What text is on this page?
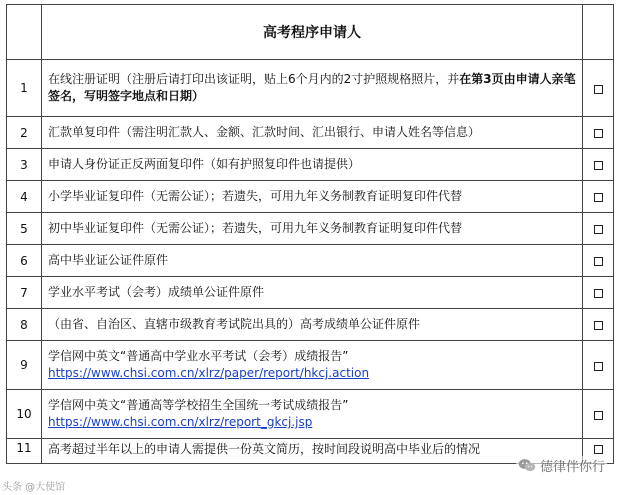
	高考程序申请人	
1	在线注册证明（注册后请打印出该证明，贴上6个月内的2寸护照规格照片，并在第3页由申请人亲笔签名，写明签字地点和日期）	
2	汇款单复印件（需注明汇款人、金额、汇款时间、汇出银行、申请人姓名等信息）	
3	申请人身份证正反两面复印件（如有护照复印件也请提供）	
4	小学毕业证复印件（无需公证）；若遗失，可用九年义务制教育证明复印件代替	
5	初中毕业证复印件（无需公证）；若遗失，可用九年义务制教育证明复印件代替	
6	高中毕业证公证件原件	
7	学业水平考试（会考）成绩单公证件原件	
8	（由省、自治区、直辖市级教育考试院出具的）高考成绩单公证件原件	
9	学信网中英文“普通高中学业水平考试（会考）成绩报告”
https://www.chsi.com.cn/xlrz/paper/report/hkcj.action	

10	学信网中英文“普通高等学校招生全国统一考试成绩报告”
https://www.chsi.com.cn/xlrz/report_gkcj.jsp	

11	高考超过半年以上的申请人需提供一份英文简历，按时间段说明高中毕业后的情况	
头条 @大使馆
德律伴你行
